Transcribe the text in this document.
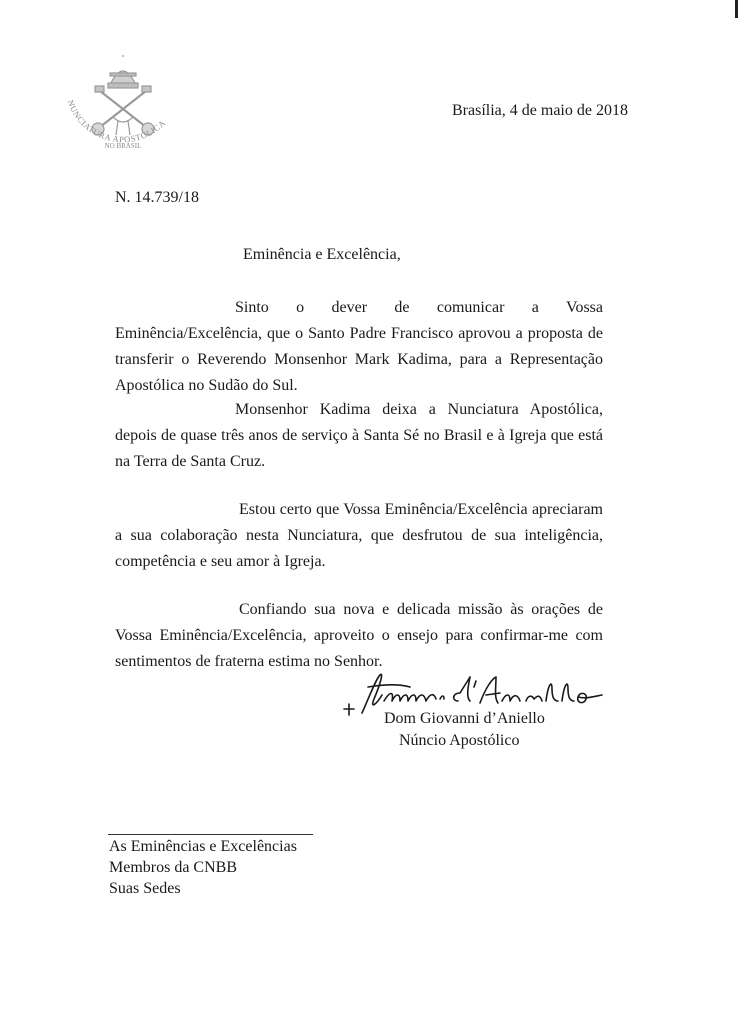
NUNCIATURA APOSTÓLICA
NO BRASIL
Brasília, 4 de maio de 2018
N. 14.739/18
Eminência e Excelência,

Sinto o dever de comunicar a Vossa Eminência/Excelência, que o Santo Padre Francisco aprovou a proposta de transferir o Reverendo Monsenhor Mark Kadima, para a Representação Apostólica no Sudão do Sul.

Monsenhor Kadima deixa a Nunciatura Apostólica, depois de quase três anos de serviço à Santa Sé no Brasil e à Igreja que está na Terra de Santa Cruz.

Estou certo que Vossa Eminência/Excelência apreciaram a sua colaboração nesta Nunciatura, que desfrutou de sua inteligência, competência e seu amor à Igreja.

Confiando sua nova e delicada missão às orações de Vossa Eminência/Excelência, aproveito o ensejo para confirmar-me com sentimentos de fraterna estima no Senhor.

Dom Giovanni d’Aniello
Núncio Apostólico
As Eminências e Excelências
Membros da CNBB
Suas Sedes
